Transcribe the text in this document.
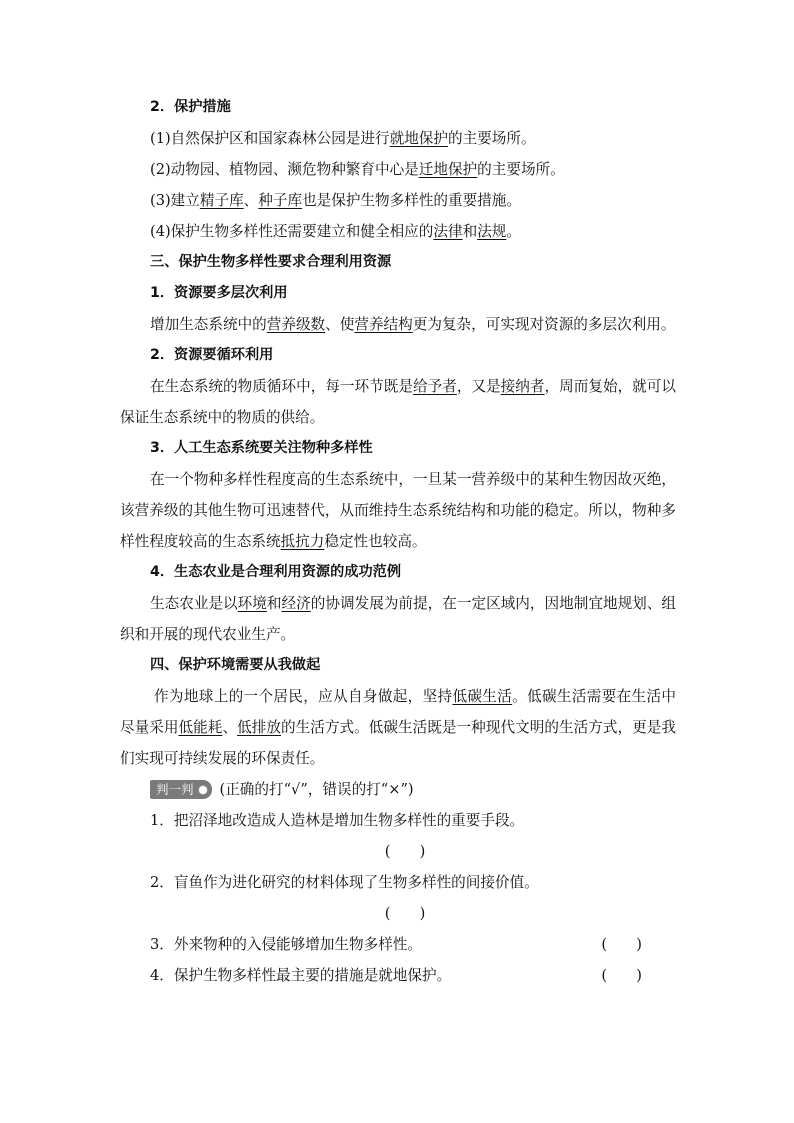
2．保护措施

(1)自然保护区和国家森林公园是进行就地保护的主要场所。

(2)动物园、植物园、濒危物种繁育中心是迁地保护的主要场所。

(3)建立精子库、种子库也是保护生物多样性的重要措施。

(4)保护生物多样性还需要建立和健全相应的法律和法规。

三、保护生物多样性要求合理利用资源

1．资源要多层次利用

增加生态系统中的营养级数、使营养结构更为复杂，可实现对资源的多层次利用。

2．资源要循环利用

在生态系统的物质循环中，每一环节既是给予者，又是接纳者，周而复始，就可以保证生态系统中的物质的供给。

3．人工生态系统要关注物种多样性

在一个物种多样性程度高的生态系统中，一旦某一营养级中的某种生物因故灭绝，该营养级的其他生物可迅速替代，从而维持生态系统结构和功能的稳定。所以，物种多样性程度较高的生态系统抵抗力稳定性也较高。

4．生态农业是合理利用资源的成功范例

生态农业是以环境和经济的协调发展为前提，在一定区域内，因地制宜地规划、组织和开展的现代农业生产。

四、保护环境需要从我做起

作为地球上的一个居民，应从自身做起，坚持低碳生活。低碳生活需要在生活中尽量采用低能耗、低排放的生活方式。低碳生活既是一种现代文明的生活方式，更是我们实现可持续发展的环保责任。

判一判 (正确的打“√”，错误的打“×”)

1．把沼泽地改造成人造林是增加生物多样性的重要手段。

(　　)

2．盲鱼作为进化研究的材料体现了生物多样性的间接价值。

(　　)

3．外来物种的入侵能够增加生物多样性。	(　　)
4．保护生物多样性最主要的措施是就地保护。	(　　)
